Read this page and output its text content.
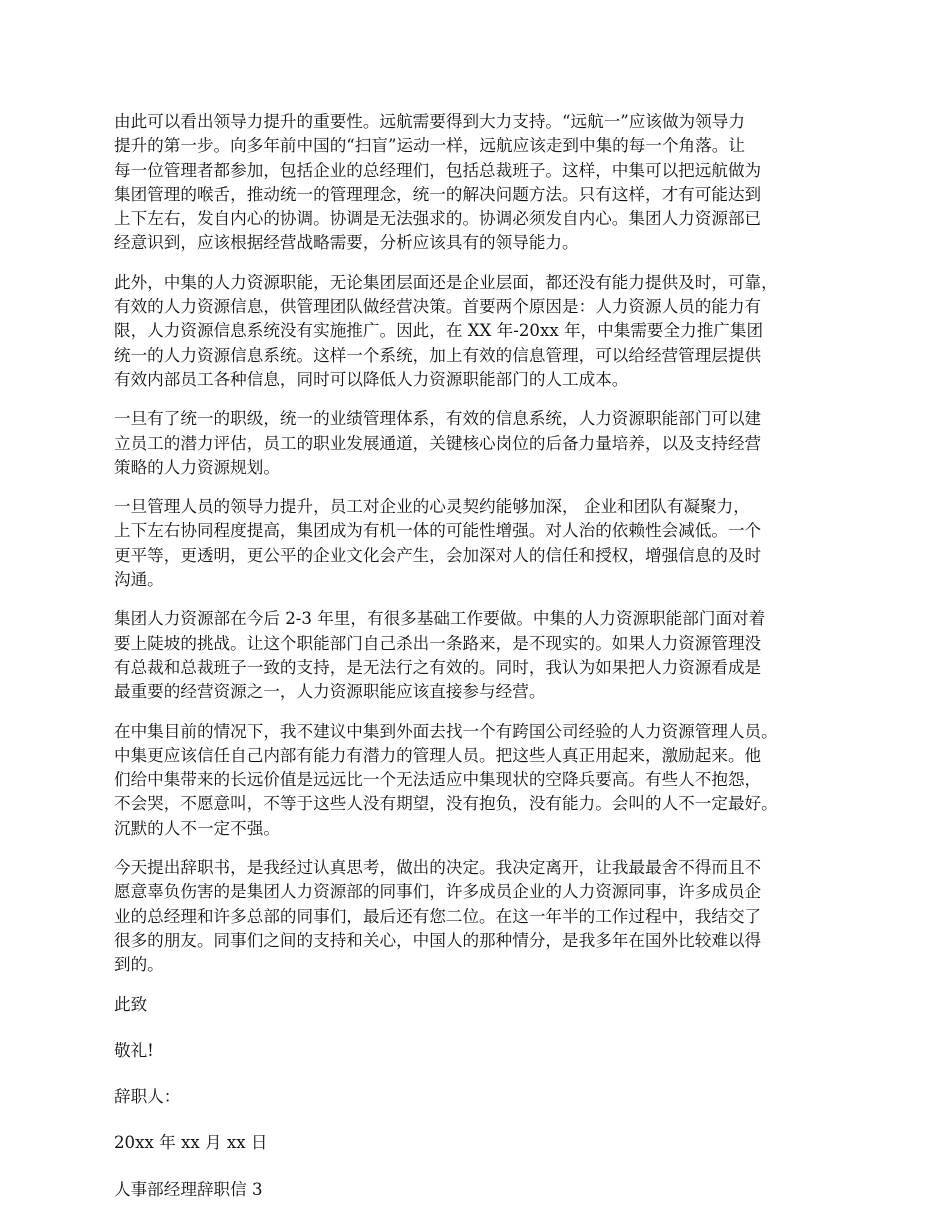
由此可以看出领导力提升的重要性。远航需要得到大力支持。“远航一”应该做为领导力
提升的第一步。向多年前中国的“扫盲”运动一样，远航应该走到中集的每一个角落。让
每一位管理者都参加，包括企业的总经理们，包括总裁班子。这样，中集可以把远航做为
集团管理的喉舌，推动统一的管理理念，统一的解决问题方法。只有这样，才有可能达到
上下左右，发自内心的协调。协调是无法强求的。协调必须发自内心。集团人力资源部已
经意识到，应该根据经营战略需要，分析应该具有的领导能力。

此外，中集的人力资源职能，无论集团层面还是企业层面，都还没有能力提供及时，可靠，
有效的人力资源信息，供管理团队做经营决策。首要两个原因是：人力资源人员的能力有
限，人力资源信息系统没有实施推广。因此，在 XX 年-20xx 年，中集需要全力推广集团
统一的人力资源信息系统。这样一个系统，加上有效的信息管理，可以给经营管理层提供
有效内部员工各种信息，同时可以降低人力资源职能部门的人工成本。

一旦有了统一的职级，统一的业绩管理体系，有效的信息系统，人力资源职能部门可以建
立员工的潜力评估，员工的职业发展通道，关键核心岗位的后备力量培养，以及支持经营
策略的人力资源规划。

一旦管理人员的领导力提升，员工对企业的心灵契约能够加深， 企业和团队有凝聚力，
上下左右协同程度提高，集团成为有机一体的可能性增强。对人治的依赖性会减低。一个
更平等，更透明，更公平的企业文化会产生，会加深对人的信任和授权，增强信息的及时
沟通。

集团人力资源部在今后 2-3 年里，有很多基础工作要做。中集的人力资源职能部门面对着
要上陡坡的挑战。让这个职能部门自己杀出一条路来，是不现实的。如果人力资源管理没
有总裁和总裁班子一致的支持，是无法行之有效的。同时，我认为如果把人力资源看成是
最重要的经营资源之一，人力资源职能应该直接参与经营。

在中集目前的情况下，我不建议中集到外面去找一个有跨国公司经验的人力资源管理人员。
中集更应该信任自己内部有能力有潜力的管理人员。把这些人真正用起来，激励起来。他
们给中集带来的长远价值是远远比一个无法适应中集现状的空降兵要高。有些人不抱怨，
不会哭，不愿意叫，不等于这些人没有期望，没有抱负，没有能力。会叫的人不一定最好。
沉默的人不一定不强。

今天提出辞职书，是我经过认真思考，做出的决定。我决定离开，让我最最舍不得而且不
愿意辜负伤害的是集团人力资源部的同事们，许多成员企业的人力资源同事，许多成员企
业的总经理和许多总部的同事们，最后还有您二位。在这一年半的工作过程中，我结交了
很多的朋友。同事们之间的支持和关心，中国人的那种情分，是我多年在国外比较难以得
到的。

此致

敬礼!

辞职人：

20xx 年 xx 月 xx 日

人事部经理辞职信 3
